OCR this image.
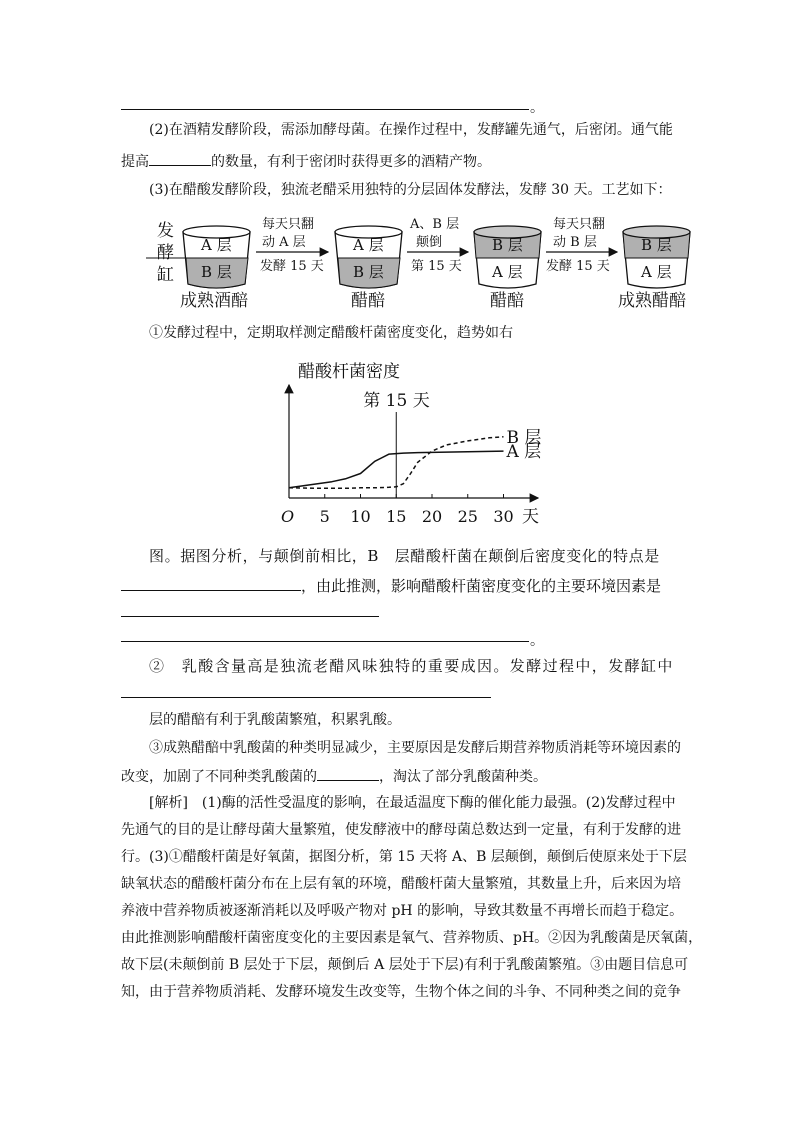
。
(2)在酒精发酵阶段，需添加酵母菌。在操作过程中，发酵罐先通气，后密闭。通气能
提高	的数量，有利于密闭时获得更多的酒精产物。
(3)在醋酸发酵阶段，独流老醋采用独特的分层固体发酵法，发酵 30 天。工艺如下：
发
酵
缸
A 层
B 层
A 层
B 层
B 层
A 层
B 层
A 层
每天只翻
动 A 层
发酵 15 天
A、B 层
颠倒
第 15 天
每天只翻
动 B 层
发酵 15 天
成熟酒醅	醋醅	醋醅	成熟醋醅
①发酵过程中，定期取样测定醋酸杆菌密度变化，趋势如右
醋酸杆菌密度
天
O 5 10 15 20 25 30
A 层
B 层
第 15 天
图。据图分析，与颠倒前相比，B　层醋酸杆菌在颠倒后密度变化的特点是
，由此推测，影响醋酸杆菌密度变化的主要环境因素是
。
②　乳酸含量高是独流老醋风味独特的重要成因。发酵过程中，发酵缸中
层的醋醅有利于乳酸菌繁殖，积累乳酸。
③成熟醋醅中乳酸菌的种类明显减少，主要原因是发酵后期营养物质消耗等环境因素的
改变，加剧了不同种类乳酸菌的	，淘汰了部分乳酸菌种类。
[解析]　(1)酶的活性受温度的影响，在最适温度下酶的催化能力最强。(2)发酵过程中
先通气的目的是让酵母菌大量繁殖，使发酵液中的酵母菌总数达到一定量，有利于发酵的进
行。(3)①醋酸杆菌是好氧菌，据图分析，第 15 天将 A、B 层颠倒，颠倒后使原来处于下层
缺氧状态的醋酸杆菌分布在上层有氧的环境，醋酸杆菌大量繁殖，其数量上升，后来因为培
养液中营养物质被逐渐消耗以及呼吸产物对 pH 的影响，导致其数量不再增长而趋于稳定。
由此推测影响醋酸杆菌密度变化的主要因素是氧气、营养物质、pH。②因为乳酸菌是厌氧菌，
故下层(未颠倒前 B 层处于下层，颠倒后 A 层处于下层)有利于乳酸菌繁殖。③由题目信息可
知，由于营养物质消耗、发酵环境发生改变等，生物个体之间的斗争、不同种类之间的竞争
